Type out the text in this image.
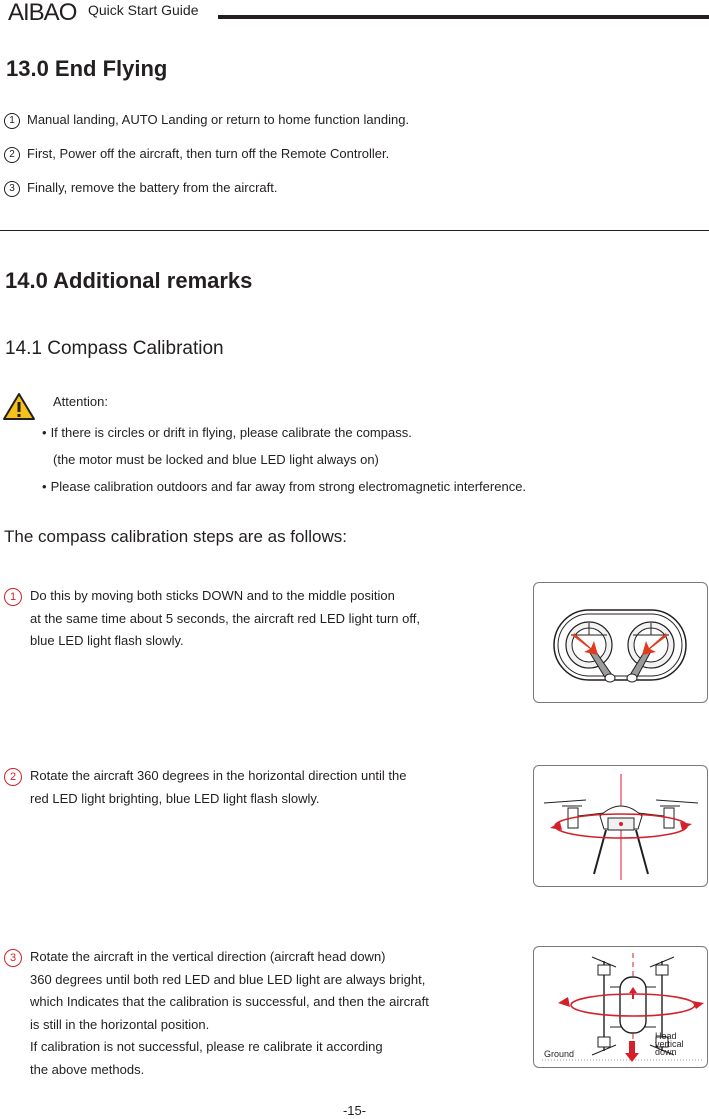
AIBAO Quick Start Guide
13.0 End Flying
1 Manual landing, AUTO Landing or return to home function landing.
2 First, Power off the aircraft, then turn off the Remote Controller.
3 Finally, remove the battery from the aircraft.
14.0 Additional remarks
14.1 Compass Calibration
Attention:
• If there is circles or drift in flying, please calibrate the compass.
(the motor must be locked and blue LED light always on)
• Please calibration outdoors and far away from strong electromagnetic interference.
The compass calibration steps are as follows:
1	Do this by moving both sticks DOWN and to the middle position
at the same time about 5 seconds, the aircraft red LED light turn off,
blue LED light flash slowly.
2	Rotate the aircraft 360 degrees in the horizontal direction until the
red LED light brighting, blue LED light flash slowly.
3	Rotate the aircraft in the vertical direction (aircraft head down)
360 degrees until both red LED and blue LED light are always bright,
which Indicates that the calibration is successful, and then the aircraft
is still in the horizontal position.
If calibration is not successful, please re calibrate it according
the above methods.
Ground
Head
vertical
down
-15-
